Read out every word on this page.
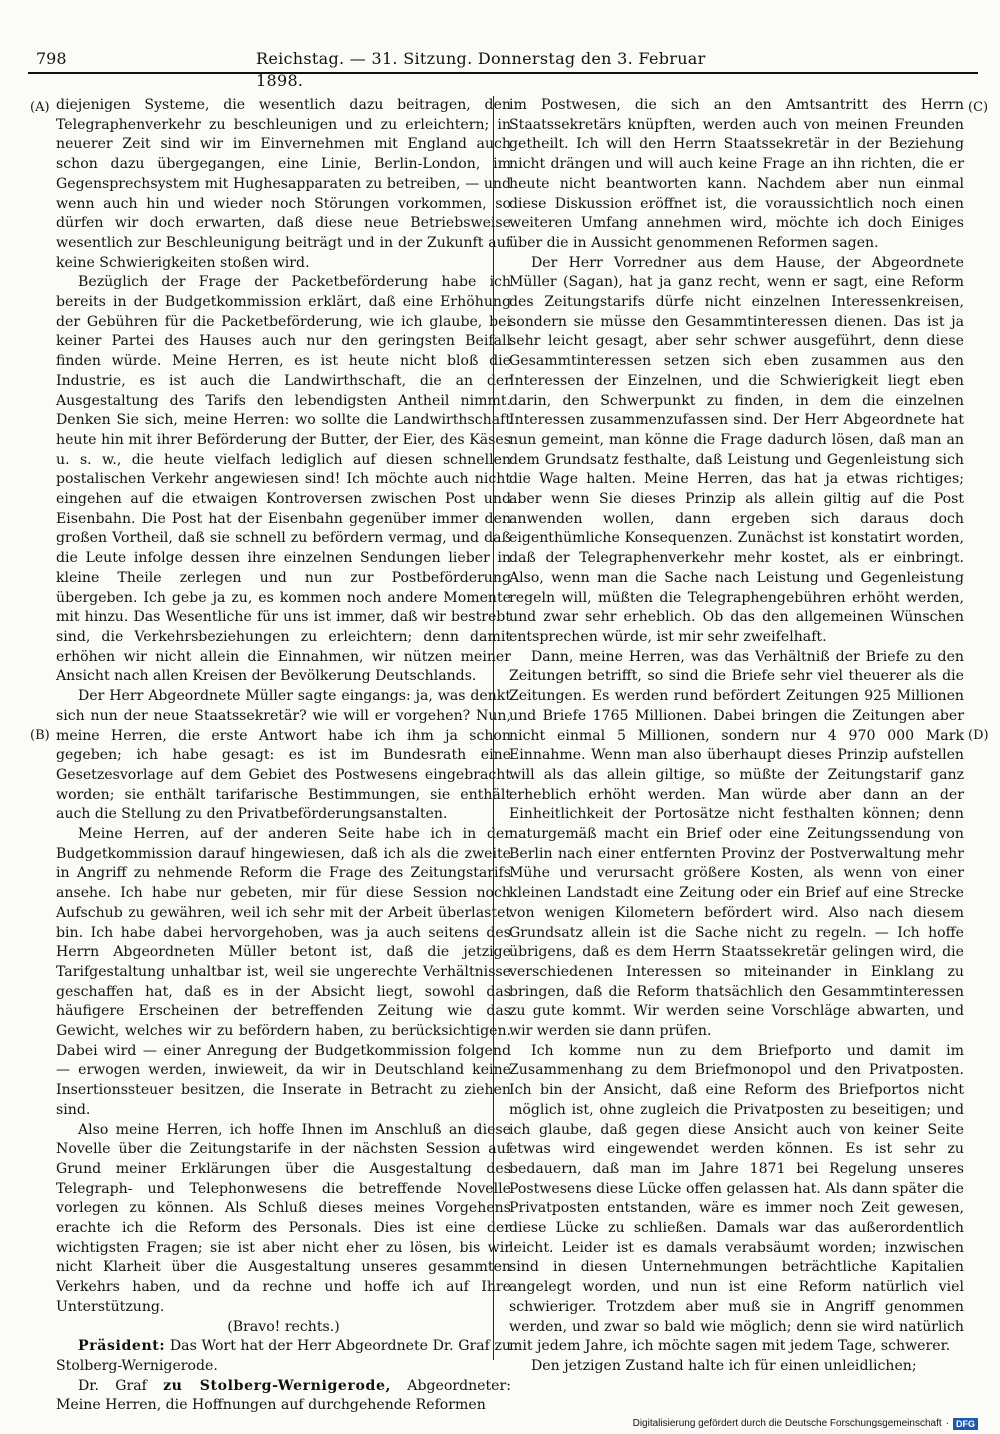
798	Reichstag. — 31. Sitzung. Donnerstag den 3. Februar 1898.
(A)
(B)
(C)
(D)

diejenigen Systeme, die wesentlich dazu beitragen, den Telegraphenverkehr zu beschleunigen und zu erleichtern; in neuerer Zeit sind wir im Einvernehmen mit England auch schon dazu übergegangen, eine Linie, Berlin-London, im Gegensprechsystem mit Hughesapparaten zu betreiben, — und wenn auch hin und wieder noch Störungen vorkommen, so dürfen wir doch erwarten, daß diese neue Betriebsweise wesentlich zur Beschleunigung beiträgt und in der Zukunft auf keine Schwierigkeiten stoßen wird.

Bezüglich der Frage der Packetbeförderung habe ich bereits in der Budgetkommission erklärt, daß eine Erhöhung der Gebühren für die Packetbeförderung, wie ich glaube, bei keiner Partei des Hauses auch nur den geringsten Beifall finden würde. Meine Herren, es ist heute nicht bloß die Industrie, es ist auch die Landwirthschaft, die an der Ausgestaltung des Tarifs den lebendigsten Antheil nimmt. Denken Sie sich, meine Herren: wo sollte die Landwirthschaft heute hin mit ihrer Beförderung der Butter, der Eier, des Käses u. s. w., die heute vielfach lediglich auf diesen schnellen postalischen Verkehr angewiesen sind! Ich möchte auch nicht eingehen auf die etwaigen Kontroversen zwischen Post und Eisenbahn. Die Post hat der Eisenbahn gegenüber immer den großen Vortheil, daß sie schnell zu befördern vermag, und daß die Leute infolge dessen ihre einzelnen Sendungen lieber in kleine Theile zerlegen und nun zur Postbeförderung übergeben. Ich gebe ja zu, es kommen noch andere Momente mit hinzu. Das Wesentliche für uns ist immer, daß wir bestrebt sind, die Verkehrsbeziehungen zu erleichtern; denn damit erhöhen wir nicht allein die Einnahmen, wir nützen meiner Ansicht nach allen Kreisen der Bevölkerung Deutschlands.

Der Herr Abgeordnete Müller sagte eingangs: ja, was denkt sich nun der neue Staatssekretär? wie will er vorgehen? Nun, meine Herren, die erste Antwort habe ich ihm ja schon gegeben; ich habe gesagt: es ist im Bundesrath eine Gesetzesvorlage auf dem Gebiet des Postwesens eingebracht worden; sie enthält tarifarische Bestimmungen, sie enthält auch die Stellung zu den Privatbeförderungsanstalten.

Meine Herren, auf der anderen Seite habe ich in der Budgetkommission darauf hingewiesen, daß ich als die zweite in Angriff zu nehmende Reform die Frage des Zeitungstarifs ansehe. Ich habe nur gebeten, mir für diese Session noch Aufschub zu gewähren, weil ich sehr mit der Arbeit überlastet bin. Ich habe dabei hervorgehoben, was ja auch seitens des Herrn Abgeordneten Müller betont ist, daß die jetzige Tarifgestaltung unhaltbar ist, weil sie ungerechte Verhältnisse geschaffen hat, daß es in der Absicht liegt, sowohl das häufigere Erscheinen der betreffenden Zeitung wie das Gewicht, welches wir zu befördern haben, zu berücksichtigen. Dabei wird — einer Anregung der Budgetkommission folgend — erwogen werden, inwieweit, da wir in Deutschland keine Insertionssteuer besitzen, die Inserate in Betracht zu ziehen sind.

Also meine Herren, ich hoffe Ihnen im Anschluß an diese Novelle über die Zeitungstarife in der nächsten Session auf Grund meiner Erklärungen über die Ausgestaltung des Telegraph- und Telephonwesens die betreffende Novelle vorlegen zu können. Als Schluß dieses meines Vorgehens erachte ich die Reform des Personals. Dies ist eine der wichtigsten Fragen; sie ist aber nicht eher zu lösen, bis wir nicht Klarheit über die Ausgestaltung unseres gesammten Verkehrs haben, und da rechne und hoffe ich auf Ihre Unterstützung.

(Bravo! rechts.)

Präsident: Das Wort hat der Herr Abgeordnete Dr. Graf zu Stolberg-Wernigerode.

Dr. Graf zu Stolberg-Wernigerode, Abgeordneter: Meine Herren, die Hoffnungen auf durchgehende Reformen

im Postwesen, die sich an den Amtsantritt des Herrn Staatssekretärs knüpften, werden auch von meinen Freunden getheilt. Ich will den Herrn Staatssekretär in der Beziehung nicht drängen und will auch keine Frage an ihn richten, die er heute nicht beantworten kann. Nachdem aber nun einmal diese Diskussion eröffnet ist, die voraussichtlich noch einen weiteren Umfang annehmen wird, möchte ich doch Einiges über die in Aussicht genommenen Reformen sagen.

Der Herr Vorredner aus dem Hause, der Abgeordnete Müller (Sagan), hat ja ganz recht, wenn er sagt, eine Reform des Zeitungstarifs dürfe nicht einzelnen Interessenkreisen, sondern sie müsse den Gesammtinteressen dienen. Das ist ja sehr leicht gesagt, aber sehr schwer ausgeführt, denn diese Gesammtinteressen setzen sich eben zusammen aus den Interessen der Einzelnen, und die Schwierigkeit liegt eben darin, den Schwerpunkt zu finden, in dem die einzelnen Interessen zusammenzufassen sind. Der Herr Abgeordnete hat nun gemeint, man könne die Frage dadurch lösen, daß man an dem Grundsatz festhalte, daß Leistung und Gegenleistung sich die Wage halten. Meine Herren, das hat ja etwas richtiges; aber wenn Sie dieses Prinzip als allein giltig auf die Post anwenden wollen, dann ergeben sich daraus doch eigenthümliche Konsequenzen. Zunächst ist konstatirt worden, daß der Telegraphenverkehr mehr kostet, als er einbringt. Also, wenn man die Sache nach Leistung und Gegenleistung regeln will, müßten die Telegraphengebühren erhöht werden, und zwar sehr erheblich. Ob das den allgemeinen Wünschen entsprechen würde, ist mir sehr zweifelhaft.

Dann, meine Herren, was das Verhältniß der Briefe zu den Zeitungen betrifft, so sind die Briefe sehr viel theuerer als die Zeitungen. Es werden rund befördert Zeitungen 925 Millionen und Briefe 1765 Millionen. Dabei bringen die Zeitungen aber nicht einmal 5 Millionen, sondern nur 4 970 000 Mark Einnahme. Wenn man also überhaupt dieses Prinzip aufstellen will als das allein giltige, so müßte der Zeitungstarif ganz erheblich erhöht werden. Man würde aber dann an der Einheitlichkeit der Portosätze nicht festhalten können; denn naturgemäß macht ein Brief oder eine Zeitungssendung von Berlin nach einer entfernten Provinz der Postverwaltung mehr Mühe und verursacht größere Kosten, als wenn von einer kleinen Landstadt eine Zeitung oder ein Brief auf eine Strecke von wenigen Kilometern befördert wird. Also nach diesem Grundsatz allein ist die Sache nicht zu regeln. — Ich hoffe übrigens, daß es dem Herrn Staatssekretär gelingen wird, die verschiedenen Interessen so miteinander in Einklang zu bringen, daß die Reform thatsächlich den Gesammtinteressen zu gute kommt. Wir werden seine Vorschläge abwarten, und wir werden sie dann prüfen.

Ich komme nun zu dem Briefporto und damit im Zusammenhang zu dem Briefmonopol und den Privatposten. Ich bin der Ansicht, daß eine Reform des Briefportos nicht möglich ist, ohne zugleich die Privatposten zu beseitigen; und ich glaube, daß gegen diese Ansicht auch von keiner Seite etwas wird eingewendet werden können. Es ist sehr zu bedauern, daß man im Jahre 1871 bei Regelung unseres Postwesens diese Lücke offen gelassen hat. Als dann später die Privatposten entstanden, wäre es immer noch Zeit gewesen, diese Lücke zu schließen. Damals war das außerordentlich leicht. Leider ist es damals verabsäumt worden; inzwischen sind in diesen Unternehmungen beträchtliche Kapitalien angelegt worden, und nun ist eine Reform natürlich viel schwieriger. Trotzdem aber muß sie in Angriff genommen werden, und zwar so bald wie möglich; denn sie wird natürlich mit jedem Jahre, ich möchte sagen mit jedem Tage, schwerer.

Den jetzigen Zustand halte ich für einen unleidlichen;

Digitalisierung gefördert durch die Deutsche Forschungsgemeinschaft · DFG
